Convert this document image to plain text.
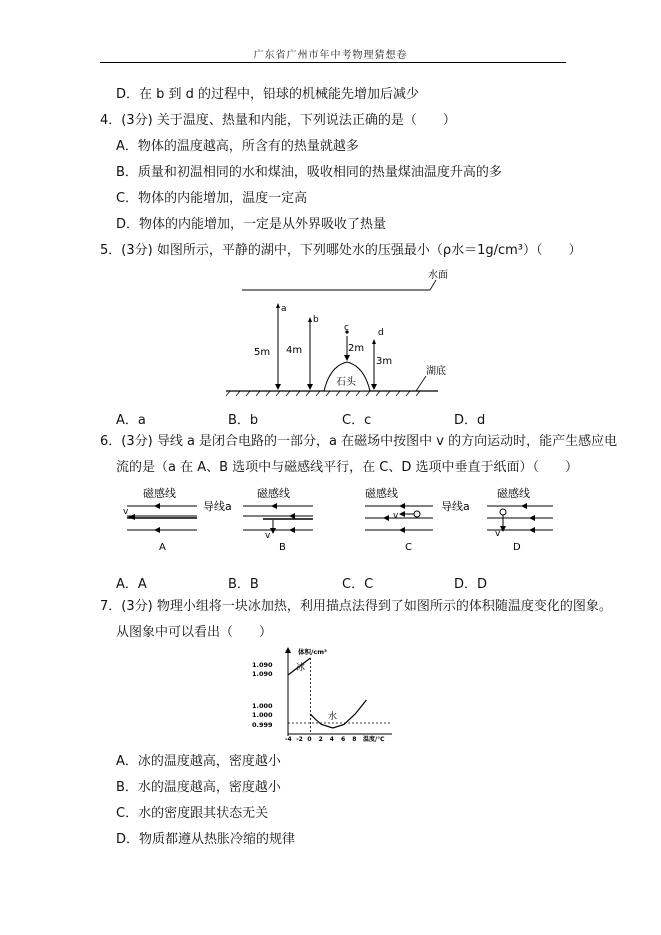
广东省广州市年中考物理猜想卷
D．在 b 到 d 的过程中，铅球的机械能先增加后减少
4．(3分) 关于温度、热量和内能，下列说法正确的是（　　）
A．物体的温度越高，所含有的热量就越多
B．质量和初温相同的水和煤油，吸收相同的热量煤油温度升高的多
C．物体的内能增加，温度一定高
D．物体的内能增加，一定是从外界吸收了热量
5．(3分) 如图所示，平静的湖中，下列哪处水的压强最小（ρ水＝1g/cm³）（　　）
水面
湖底
石头
a
5m
b
4m
c
2m
d
3m
A．a	B．b	C．c	D．d
6．(3分) 导线 a 是闭合电路的一部分，a 在磁场中按图中 v 的方向运动时，能产生感应电
流的是（a 在 A、B 选项中与磁感线平行，在 C、D 选项中垂直于纸面）（　　）
磁感线
v
A
导线a
磁感线
v
B
磁感线
v
C
导线a
磁感线
v
D
A．A	B．B	C．C	D．D
7．(3分) 物理小组将一块冰加热，利用描点法得到了如图所示的体积随温度变化的图象。
从图象中可以看出（　　）
-4 -2 0 2 4 6 8
体积/cm³
温度/℃
1.090
1.090
1.000
1.000
0.999
冰
水
A．冰的温度越高，密度越小
B．水的温度越高，密度越小
C．水的密度跟其状态无关
D．物质都遵从热胀冷缩的规律
